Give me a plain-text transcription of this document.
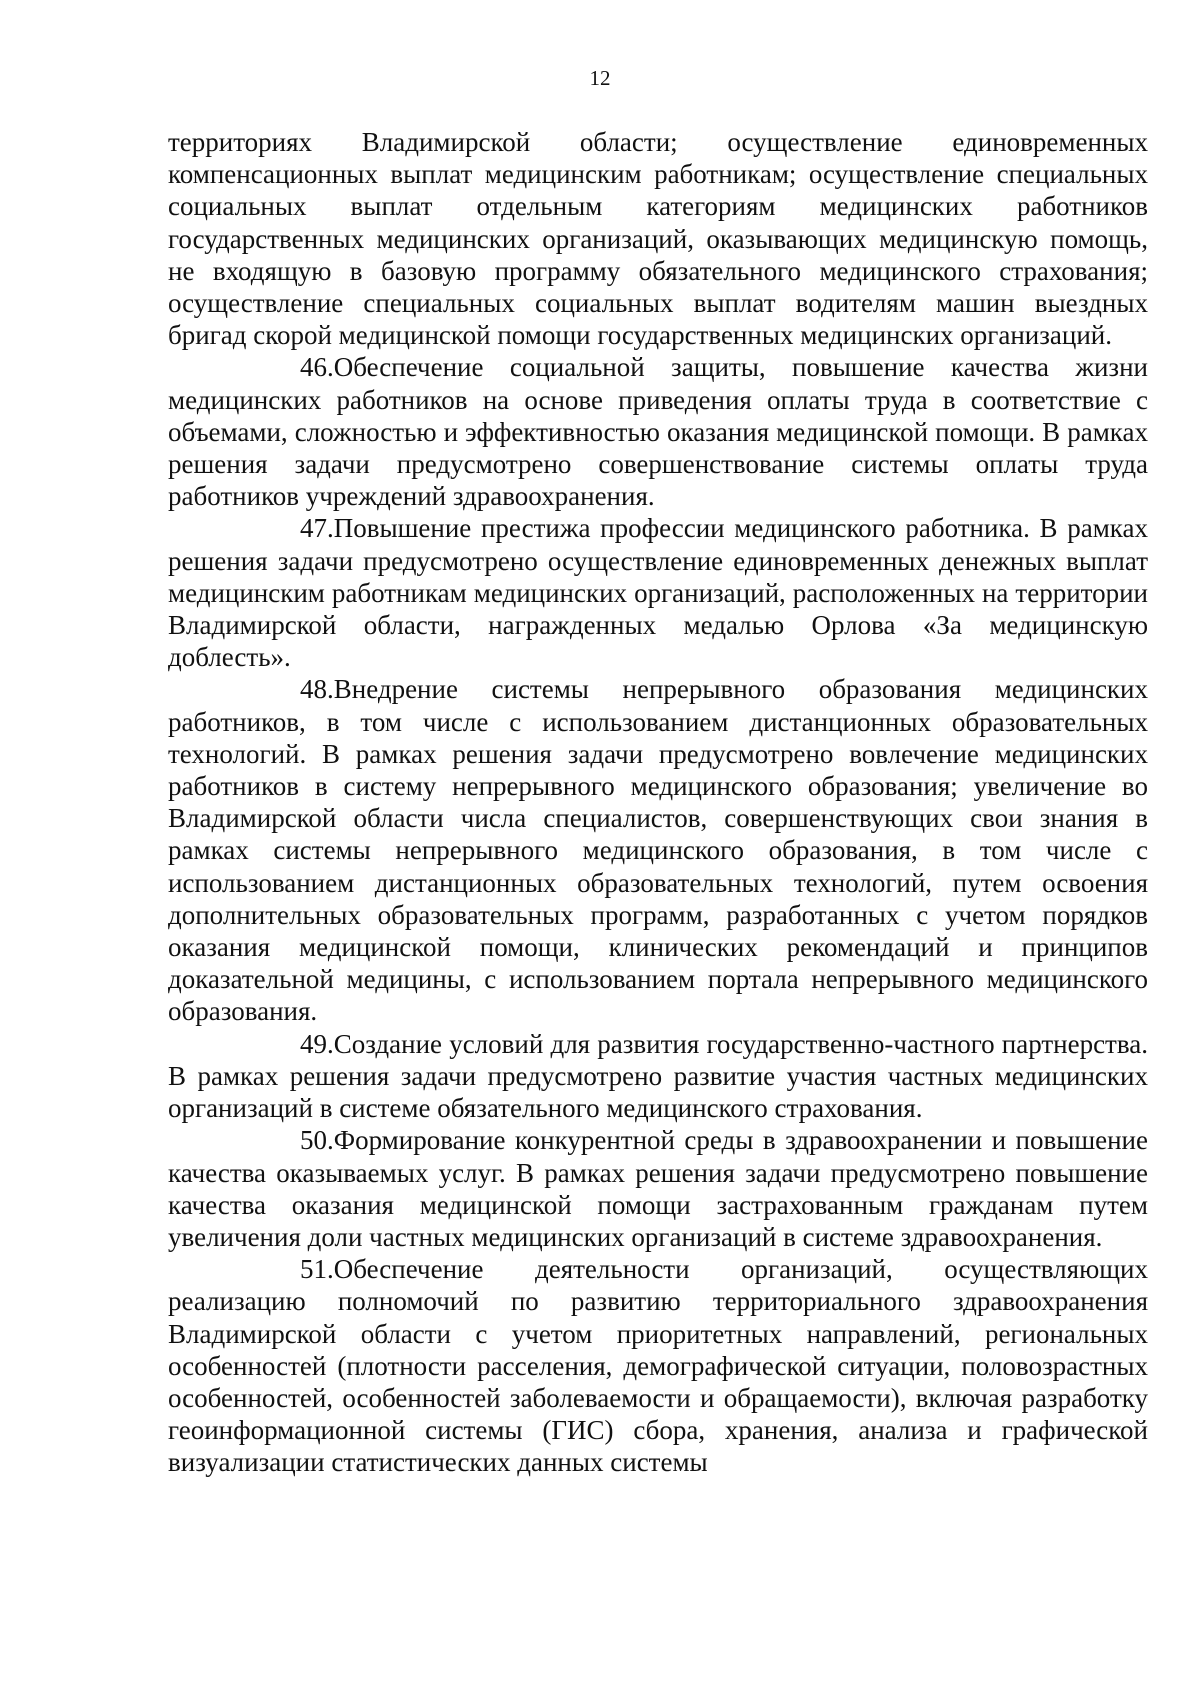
12

территориях Владимирской области; осуществление единовременных компенсационных выплат медицинским работникам; осуществление специальных социальных выплат отдельным категориям медицинских работников государственных медицинских организаций, оказывающих медицинскую помощь, не входящую в базовую программу обязательного медицинского страхования; осуществление специальных социальных выплат водителям машин выездных бригад скорой медицинской помощи государственных медицинских организаций.

46.Обеспечение социальной защиты, повышение качества жизни медицинских работников на основе приведения оплаты труда в соответствие с объемами, сложностью и эффективностью оказания медицинской помощи. В рамках решения задачи предусмотрено совершенствование системы оплаты труда работников учреждений здравоохранения.

47.Повышение престижа профессии медицинского работника. В рамках решения задачи предусмотрено осуществление единовременных денежных выплат медицинским работникам медицинских организаций, расположенных на территории Владимирской области, награжденных медалью Орлова «За медицинскую доблесть».

48.Внедрение системы непрерывного образования медицинских работников, в том числе с использованием дистанционных образовательных технологий. В рамках решения задачи предусмотрено вовлечение медицинских работников в систему непрерывного медицинского образования; увеличение во Владимирской области числа специалистов, совершенствующих свои знания в рамках системы непрерывного медицинского образования, в том числе с использованием дистанционных образовательных технологий, путем освоения дополнительных образовательных программ, разработанных с учетом порядков оказания медицинской помощи, клинических рекомендаций и принципов доказательной медицины, с использованием портала непрерывного медицинского образования.

49.Создание условий для развития государственно-частного партнерства. В рамках решения задачи предусмотрено развитие участия частных медицинских организаций в системе обязательного медицинского страхования.

50.Формирование конкурентной среды в здравоохранении и повышение качества оказываемых услуг. В рамках решения задачи предусмотрено повышение качества оказания медицинской помощи застрахованным гражданам путем увеличения доли частных медицинских организаций в системе здравоохранения.

51.Обеспечение деятельности организаций, осуществляющих реализацию полномочий по развитию территориального здравоохранения Владимирской области с учетом приоритетных направлений, региональных особенностей (плотности расселения, демографической ситуации, половозрастных особенностей, особенностей заболеваемости и обращаемости), включая разработку геоинформационной системы (ГИС) сбора, хранения, анализа и графической визуализации статистических данных системы
